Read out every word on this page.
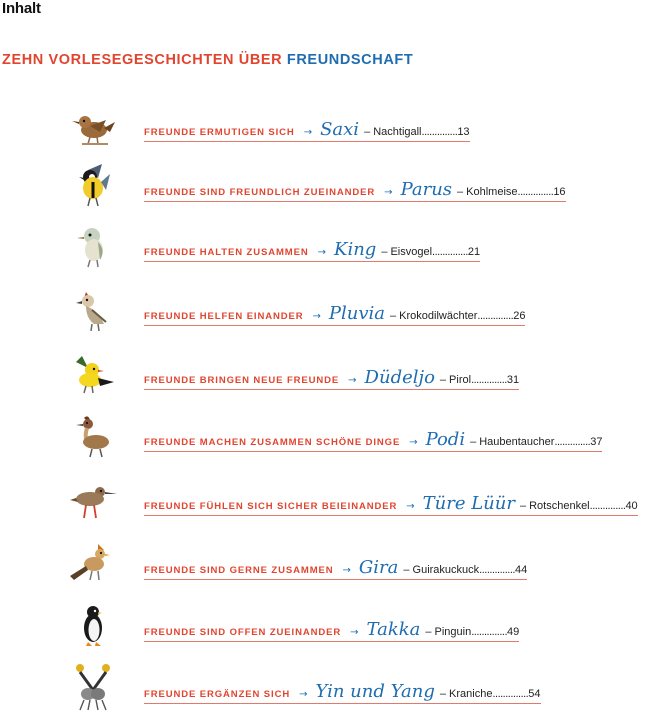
Inhalt
ZEHN VORLESEGESCHICHTEN ÜBER FREUNDSCHAFT
FREUNDE ERMUTIGEN SICH → Saxi – Nachtigall .............. 13
FREUNDE SIND FREUNDLICH ZUEINANDER → Parus – Kohlmeise .............. 16
FREUNDE HALTEN ZUSAMMEN → King – Eisvogel .............. 21
FREUNDE HELFEN EINANDER → Pluvia – Krokodilwächter .............. 26
FREUNDE BRINGEN NEUE FREUNDE → Düdeljo – Pirol .............. 31
FREUNDE MACHEN ZUSAMMEN SCHÖNE DINGE → Podi – Haubentaucher .............. 37
FREUNDE FÜHLEN SICH SICHER BEIEINANDER → Türe Lüür – Rotschenkel .............. 40
FREUNDE SIND GERNE ZUSAMMEN → Gira – Guirakuckuck .............. 44
FREUNDE SIND OFFEN ZUEINANDER → Takka – Pinguin .............. 49
FREUNDE ERGÄNZEN SICH → Yin und Yang – Kraniche .............. 54
